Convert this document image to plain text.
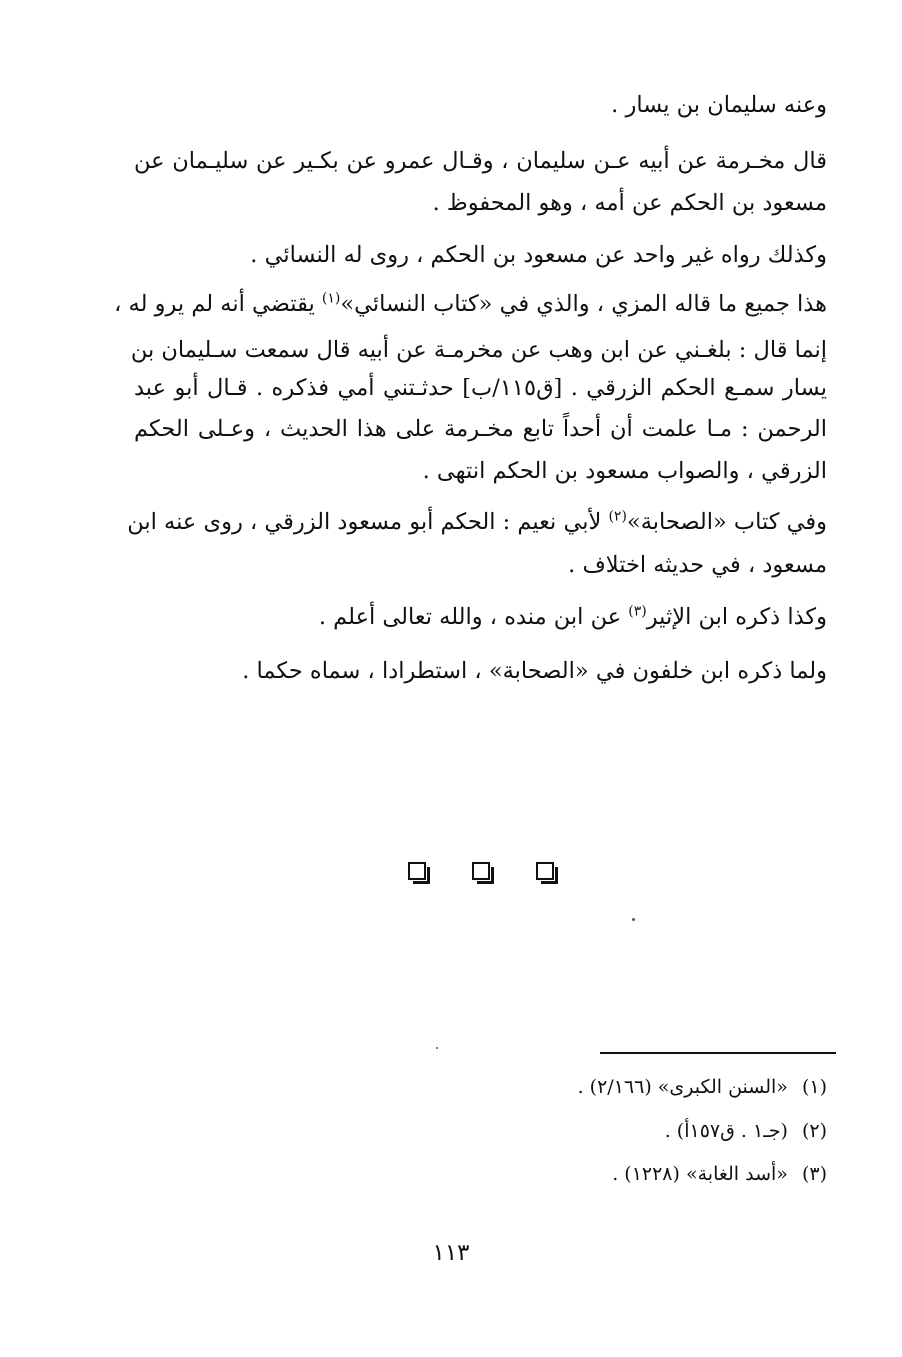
وعنه سليمان بن يسار .
قال مخـرمة عن أبيه عـن سليمان ، وقـال عمرو عن بكـير عن سليـمان عن
مسعود بن الحكم عن أمه ، وهو المحفوظ .
وكذلك رواه غير واحد عن مسعود بن الحكم ، روى له النسائي .
هذا جميع ما قاله المزي ، والذي في «كتاب النسائي»$^{(١)}$ يقتضي أنه لم يرو له ،
إنما قال : بلغـني عن ابن وهب عن مخرمـة عن أبيه قال سمعت سـليمان بن
يسار سمـع الحكم الزرقي . [ق١١٥/ب] حدثـتني أمي فذكره . قـال أبو عبد
الرحمن : مـا علمت أن أحداً تابع مخـرمة على هذا الحديث ، وعـلى الحكم
الزرقي ، والصواب مسعود بن الحكم انتهى .
وفي كتاب «الصحابة»$^{(٢)}$ لأبي نعيم : الحكم أبو مسعود الزرقي ، روى عنه ابن
مسعود ، في حديثه اختلاف .
وكذا ذكره ابن الإثير$^{(٣)}$ عن ابن منده ، والله تعالى أعلم .
ولما ذكره ابن خلفون في «الصحابة» ، استطرادا ، سماه حكما .
(١)«السنن الكبرى» (٢/١٦٦) .
(٢)(جـ١ . ق١٥٧أ) .
(٣)«أسد الغابة» (١٢٢٨) .
١١٣
